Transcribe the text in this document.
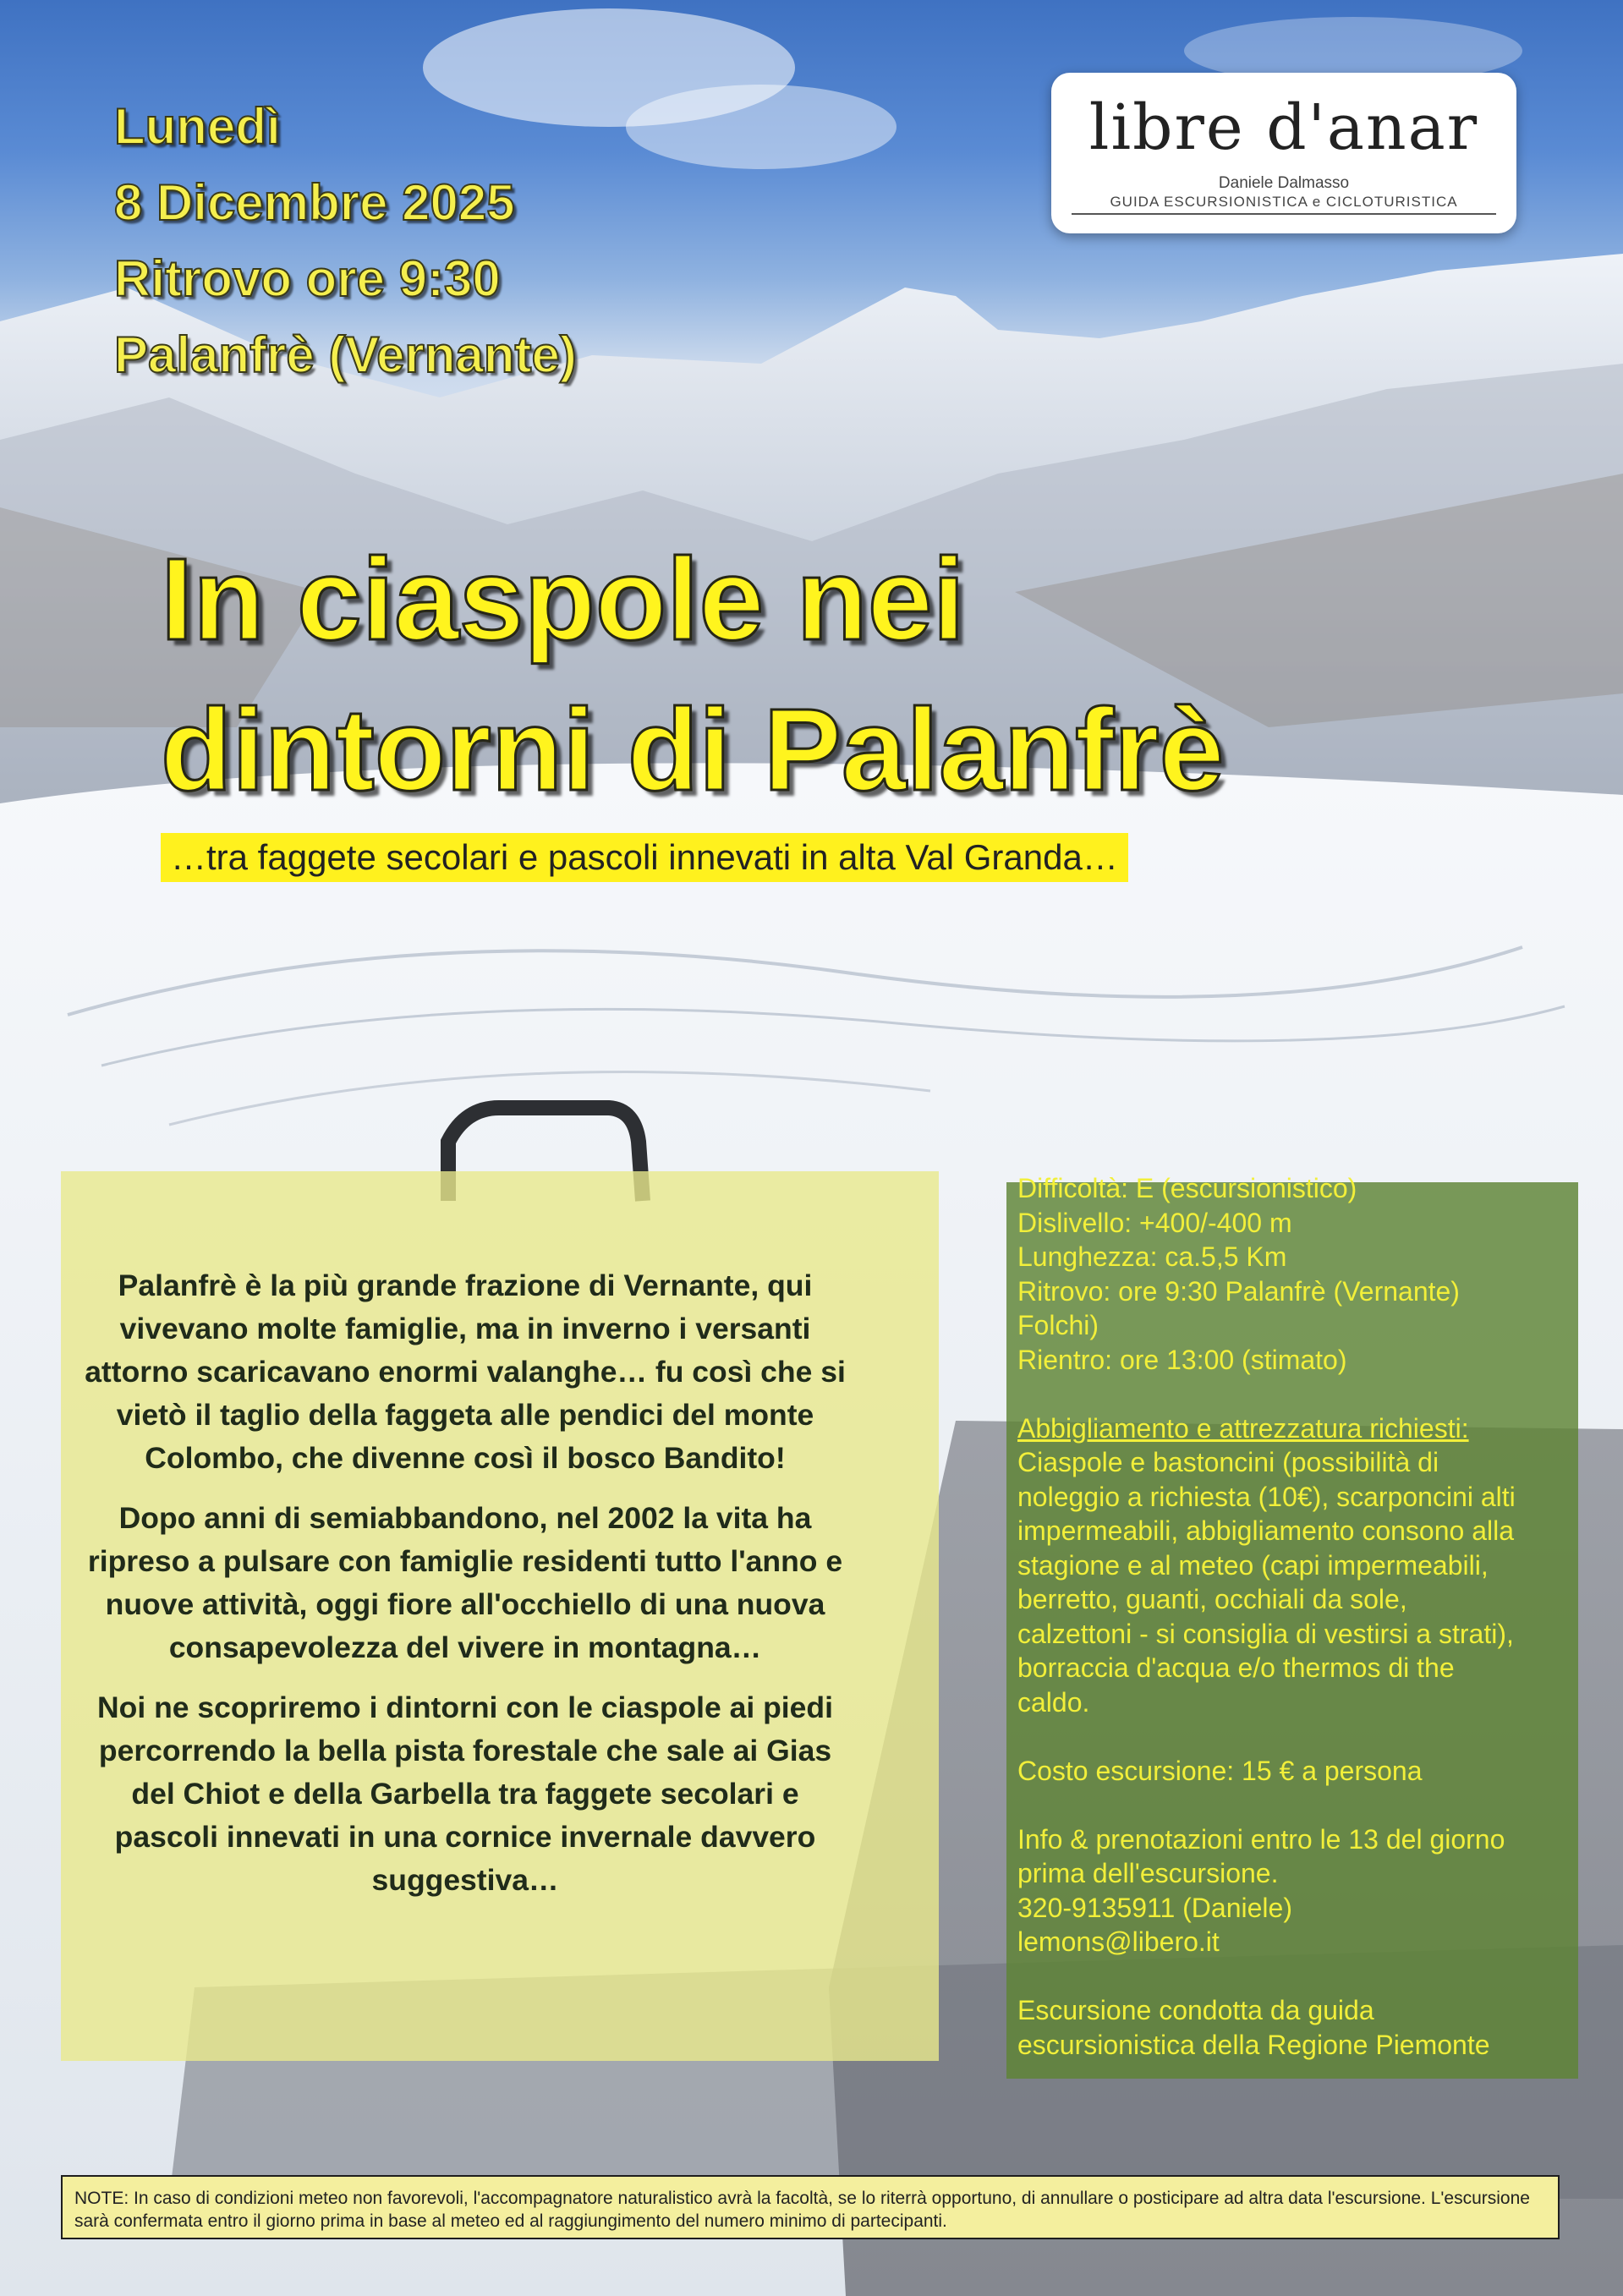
Lunedì
8 Dicembre 2025
Ritrovo ore 9:30
Palanfrè (Vernante)
libre d'anar
Daniele Dalmasso
GUIDA ESCURSIONISTICA e CICLOTURISTICA
In ciaspole nei
dintorni di Palanfrè
…tra faggete secolari e pascoli innevati in alta Val Granda…

Palanfrè è la più grande frazione di Vernante, qui vivevano molte famiglie, ma in inverno i versanti attorno scaricavano enormi valanghe… fu così che si vietò il taglio della faggeta alle pendici del monte Colombo, che divenne così il bosco Bandito!

Dopo anni di semiabbandono, nel 2002 la vita ha ripreso a pulsare con famiglie residenti tutto l'anno e nuove attività, oggi fiore all'occhiello di una nuova consapevolezza del vivere in montagna…

Noi ne scopriremo i dintorni con le ciaspole ai piedi percorrendo la bella pista forestale che sale ai Gias del Chiot e della Garbella tra faggete secolari e pascoli innevati in una cornice invernale davvero suggestiva…

Difficoltà: E (escursionistico)
Dislivello: +400/-400 m
Lunghezza: ca.5,5 Km
Ritrovo: ore 9:30 Palanfrè (Vernante)
Folchi)
Rientro: ore 13:00 (stimato)
Abbigliamento e attrezzatura richiesti:
Ciaspole e bastoncini (possibilità di
noleggio a richiesta (10€), scarponcini alti
impermeabili, abbigliamento consono alla
stagione e al meteo (capi impermeabili,
berretto, guanti, occhiali da sole,
calzettoni - si consiglia di vestirsi a strati),
borraccia d'acqua e/o thermos di the
caldo.
Costo escursione: 15 € a persona
Info & prenotazioni entro le 13 del giorno
prima dell'escursione.
320-9135911 (Daniele)
lemons@libero.it
Escursione condotta da guida
escursionistica della Regione Piemonte
NOTE: In caso di condizioni meteo non favorevoli, l'accompagnatore naturalistico avrà la facoltà, se lo riterrà opportuno, di annullare o posticipare ad altra data l'escursione. L'escursione sarà confermata entro il giorno prima in base al meteo ed al raggiungimento del numero minimo di partecipanti.
